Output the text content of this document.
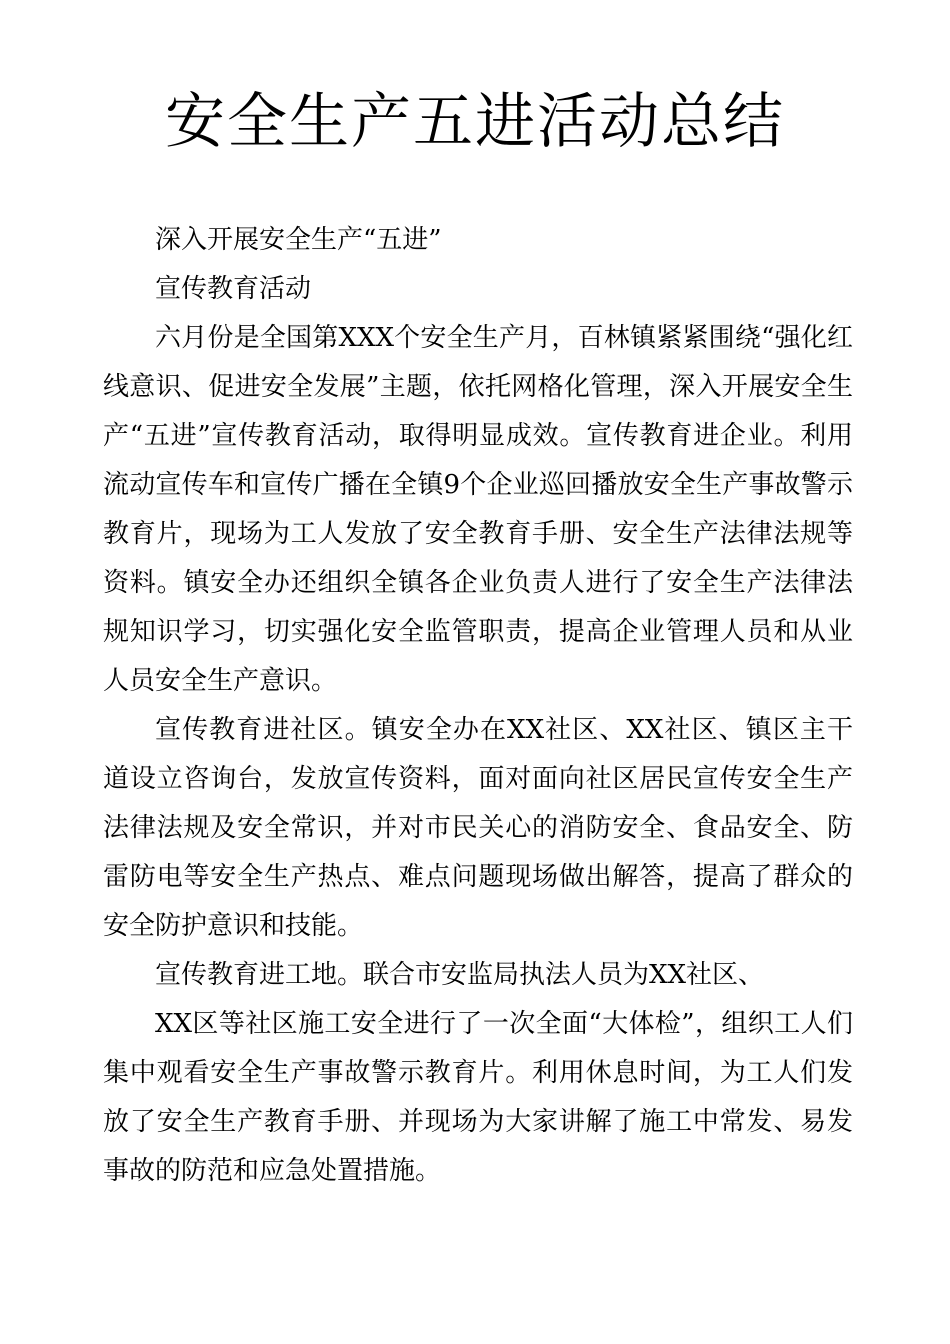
安全生产五进活动总结

深入开展安全生产“五进”

宣传教育活动

六月份是全国第XXX个安全生产月，百林镇紧紧围绕“强化红线意识、促进安全发展”主题，依托网格化管理，深入开展安全生产“五进”宣传教育活动，取得明显成效。宣传教育进企业。利用流动宣传车和宣传广播在全镇9个企业巡回播放安全生产事故警示教育片，现场为工人发放了安全教育手册、安全生产法律法规等资料。镇安全办还组织全镇各企业负责人进行了安全生产法律法规知识学习，切实强化安全监管职责，提高企业管理人员和从业人员安全生产意识。

宣传教育进社区。镇安全办在XX社区、XX社区、镇区主干道设立咨询台，发放宣传资料，面对面向社区居民宣传安全生产法律法规及安全常识，并对市民关心的消防安全、食品安全、防雷防电等安全生产热点、难点问题现场做出解答，提高了群众的安全防护意识和技能。

宣传教育进工地。联合市安监局执法人员为XX社区、

XX区等社区施工安全进行了一次全面“大体检”，组织工人们集中观看安全生产事故警示教育片。利用休息时间，为工人们发放了安全生产教育手册、并现场为大家讲解了施工中常发、易发事故的防范和应急处置措施。
